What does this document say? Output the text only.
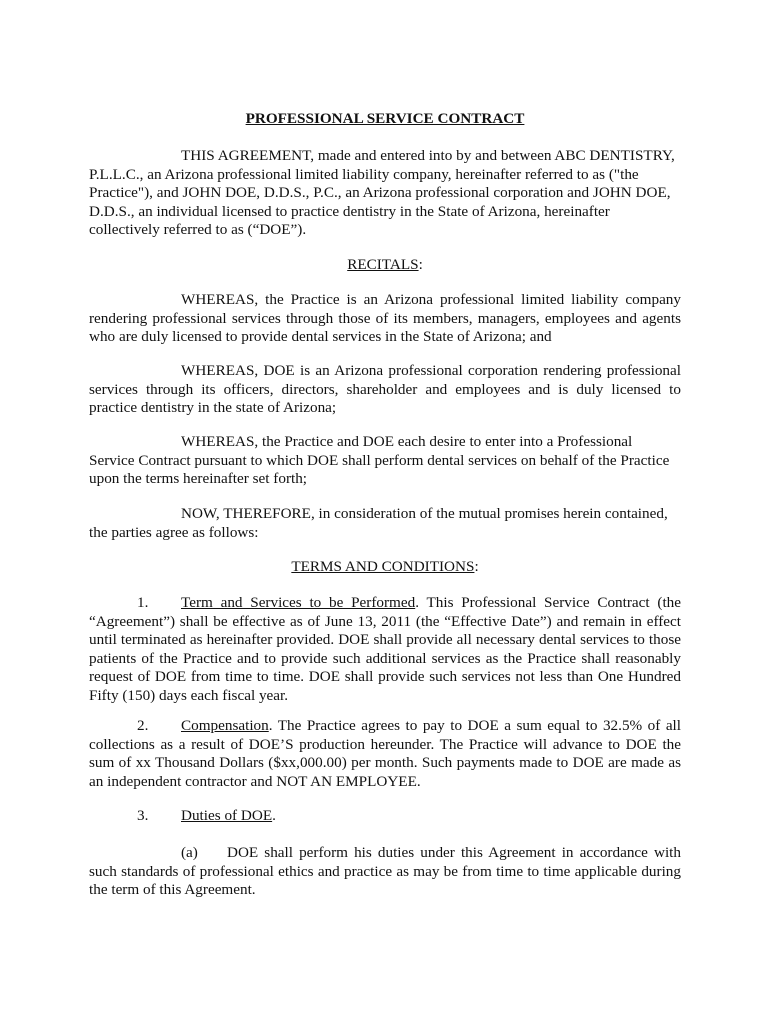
PROFESSIONAL SERVICE CONTRACT

THIS AGREEMENT, made and entered into by and between ABC DENTISTRY, P.L.L.C., an Arizona professional limited liability company, hereinafter referred to as ("the Practice"), and JOHN DOE, D.D.S., P.C., an Arizona professional corporation and JOHN DOE, D.D.S., an individual licensed to practice dentistry in the State of Arizona, hereinafter collectively referred to as (“DOE”).

RECITALS:

WHEREAS, the Practice is an Arizona professional limited liability company rendering professional services through those of its members, managers, employees and agents who are duly licensed to provide dental services in the State of Arizona; and

WHEREAS, DOE is an Arizona professional corporation rendering professional services through its officers, directors, shareholder and employees and is duly licensed to practice dentistry in the state of Arizona;

WHEREAS, the Practice and DOE each desire to enter into a Professional Service Contract pursuant to which DOE shall perform dental services on behalf of the Practice upon the terms hereinafter set forth;

NOW, THEREFORE, in consideration of the mutual promises herein contained, the parties agree as follows:

TERMS AND CONDITIONS:

1. Term and Services to be Performed. This Professional Service Contract (the “Agreement”) shall be effective as of June 13, 2011 (the “Effective Date”) and remain in effect until terminated as hereinafter provided. DOE shall provide all necessary dental services to those patients of the Practice and to provide such additional services as the Practice shall reasonably request of DOE from time to time. DOE shall provide such services not less than One Hundred Fifty (150) days each fiscal year.

2. Compensation. The Practice agrees to pay to DOE a sum equal to 32.5% of all collections as a result of DOE’S production hereunder. The Practice will advance to DOE the sum of xx Thousand Dollars ($xx,000.00) per month. Such payments made to DOE are made as an independent contractor and NOT AN EMPLOYEE.

3. Duties of DOE.

(a) DOE shall perform his duties under this Agreement in accordance with such standards of professional ethics and practice as may be from time to time applicable during the term of this Agreement.
